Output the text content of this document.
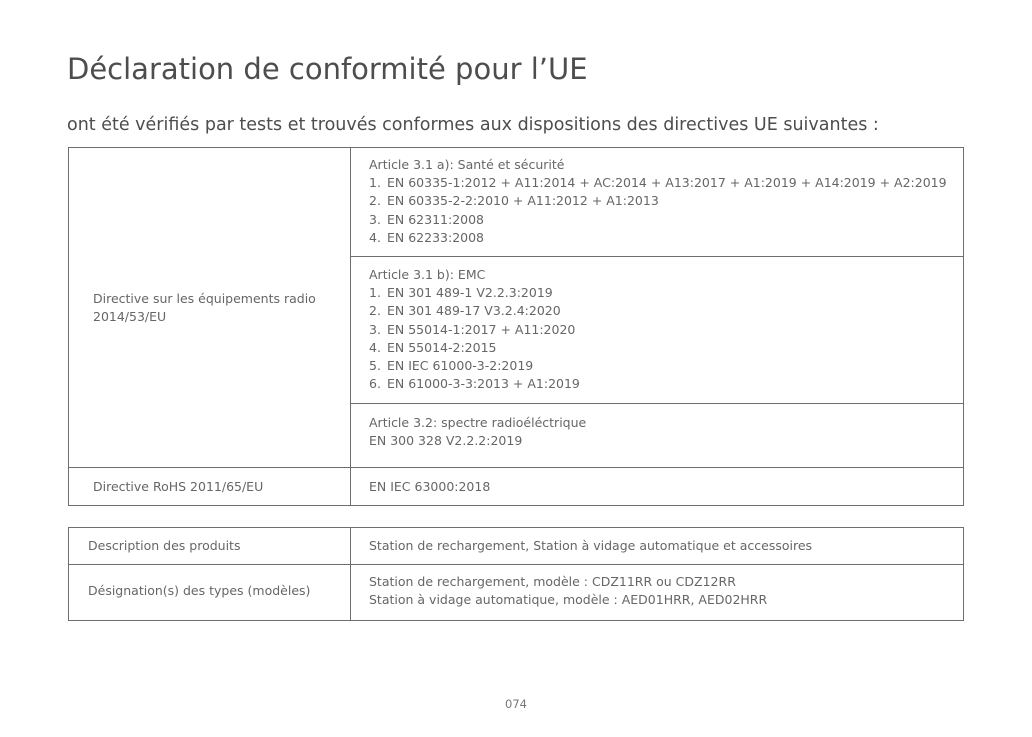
Déclaration de conformité pour l’UE
ont été vérifiés par tests et trouvés conformes aux dispositions des directives UE suivantes :
Directive sur les équipements radio
2014/53/EU
Article 3.1 a): Santé et sécurité
1. EN 60335-1:2012 + A11:2014 + AC:2014 + A13:2017 + A1:2019 + A14:2019 + A2:2019
2. EN 60335-2-2:2010 + A11:2012 + A1:2013
3. EN 62311:2008
4. EN 62233:2008
Article 3.1 b): EMC
1. EN 301 489-1 V2.2.3:2019
2. EN 301 489-17 V3.2.4:2020
3. EN 55014-1:2017 + A11:2020
4. EN 55014-2:2015
5. EN IEC 61000-3-2:2019
6. EN 61000-3-3:2013 + A1:2019
Article 3.2: spectre radioéléctrique
EN 300 328 V2.2.2:2019
Directive RoHS 2011/65/EU	EN IEC 63000:2018
Description des produits	Station de rechargement, Station à vidage automatique et accessoires
Désignation(s) des types (modèles)
Station de rechargement, modèle : CDZ11RR ou CDZ12RR
Station à vidage automatique, modèle : AED01HRR, AED02HRR
074
